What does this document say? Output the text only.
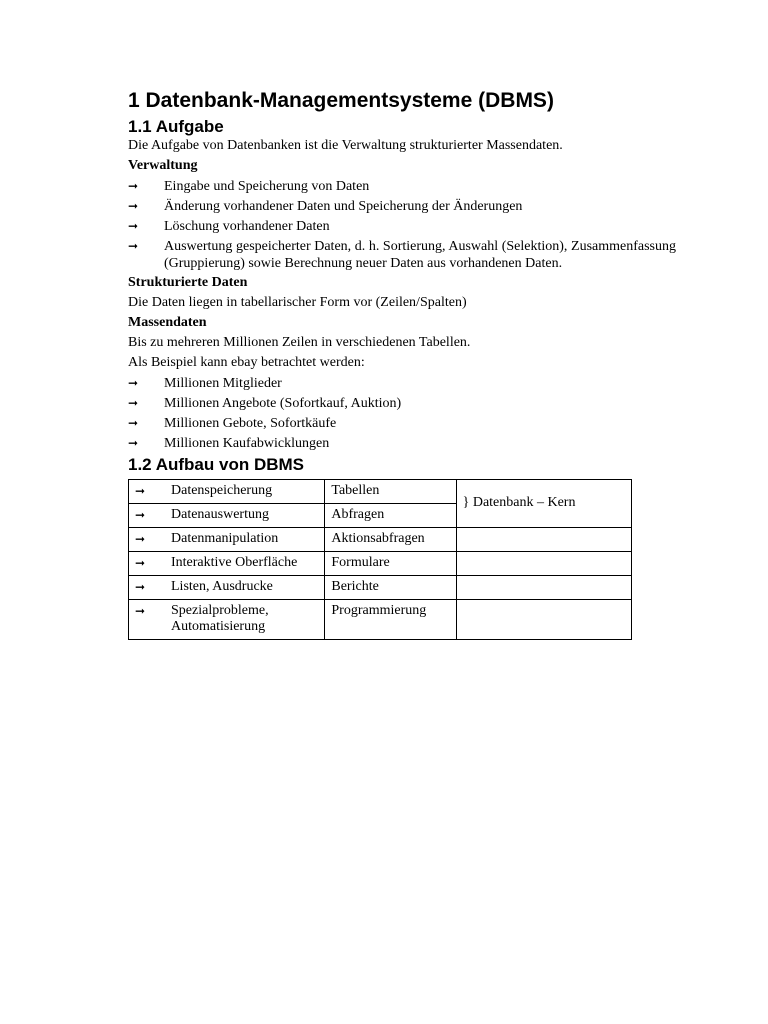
1 Datenbank-Managementsysteme (DBMS)
1.1 Aufgabe

Die Aufgabe von Datenbanken ist die Verwaltung strukturierter Massendaten.

Verwaltung

➞ Eingabe und Speicherung von Daten
➞ Änderung vorhandener Daten und Speicherung der Änderungen
➞ Löschung vorhandener Daten
➞ Auswertung gespeicherter Daten, d. h. Sortierung, Auswahl (Selektion), Zusammenfassung (Gruppierung) sowie Berechnung neuer Daten aus vorhandenen Daten.

Strukturierte Daten

Die Daten liegen in tabellarischer Form vor (Zeilen/Spalten)

Massendaten

Bis zu mehreren Millionen Zeilen in verschiedenen Tabellen.

Als Beispiel kann ebay betrachtet werden:

➞ Millionen Mitglieder
➞ Millionen Angebote (Sofortkauf, Auktion)
➞ Millionen Gebote, Sofortkäufe
➞ Millionen Kaufabwicklungen
1.2 Aufbau von DBMS
➞ Datenspeicherung	Tabellen	} Datenbank – Kern
➞ Datenauswertung	Abfragen	
➞ Datenmanipulation	Aktionsabfragen	
➞ Interaktive Oberfläche	Formulare	
➞ Listen, Ausdrucke	Berichte	
➞ Spezialprobleme, Automatisierung	Programmierung	
